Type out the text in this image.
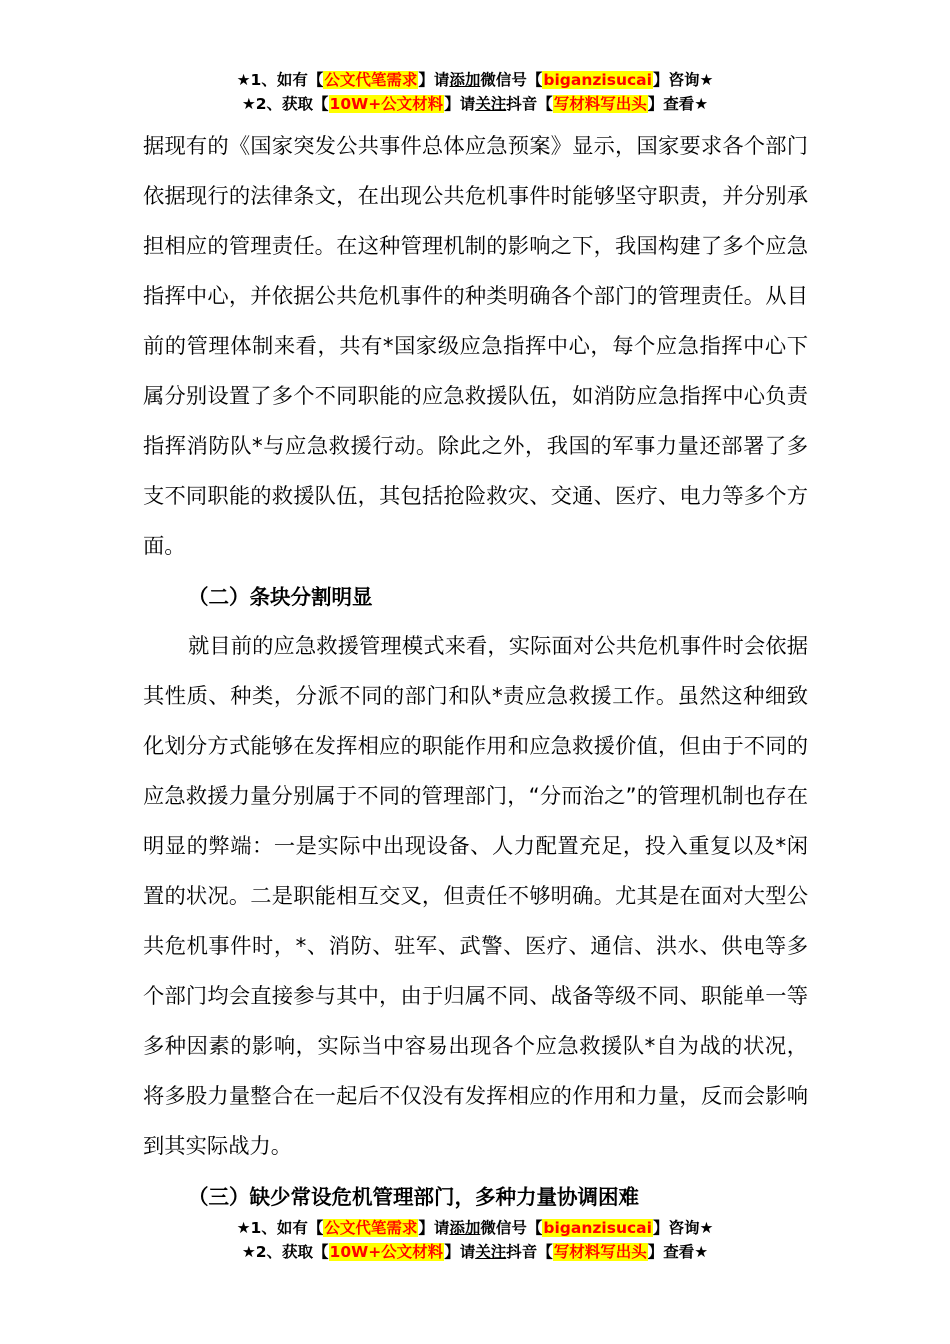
★1、如有【公文代笔需求】请添加微信号【biganzisucai】咨询★
★2、获取【10W+公文材料】请关注抖音【写材料写出头】查看★

据现有的《国家突发公共事件总体应急预案》显示，国家要求各个部门依据现行的法律条文，在出现公共危机事件时能够坚守职责，并分别承担相应的管理责任。在这种管理机制的影响之下，我国构建了多个应急指挥中心，并依据公共危机事件的种类明确各个部门的管理责任。从目前的管理体制来看，共有*国家级应急指挥中心，每个应急指挥中心下属分别设置了多个不同职能的应急救援队伍，如消防应急指挥中心负责指挥消防队*与应急救援行动。除此之外，我国的军事力量还部署了多支不同职能的救援队伍，其包括抢险救灾、交通、医疗、电力等多个方面。

（二）条块分割明显

就目前的应急救援管理模式来看，实际面对公共危机事件时会依据其性质、种类，分派不同的部门和队*责应急救援工作。虽然这种细致化划分方式能够在发挥相应的职能作用和应急救援价值，但由于不同的应急救援力量分别属于不同的管理部门，“分而治之”的管理机制也存在明显的弊端：一是实际中出现设备、人力配置充足，投入重复以及*闲置的状况。二是职能相互交叉，但责任不够明确。尤其是在面对大型公共危机事件时，*、消防、驻军、武警、医疗、通信、洪水、供电等多个部门均会直接参与其中，由于归属不同、战备等级不同、职能单一等多种因素的影响，实际当中容易出现各个应急救援队*自为战的状况，将多股力量整合在一起后不仅没有发挥相应的作用和力量，反而会影响到其实际战力。

（三）缺少常设危机管理部门，多种力量协调困难

★1、如有【公文代笔需求】请添加微信号【biganzisucai】咨询★
★2、获取【10W+公文材料】请关注抖音【写材料写出头】查看★
